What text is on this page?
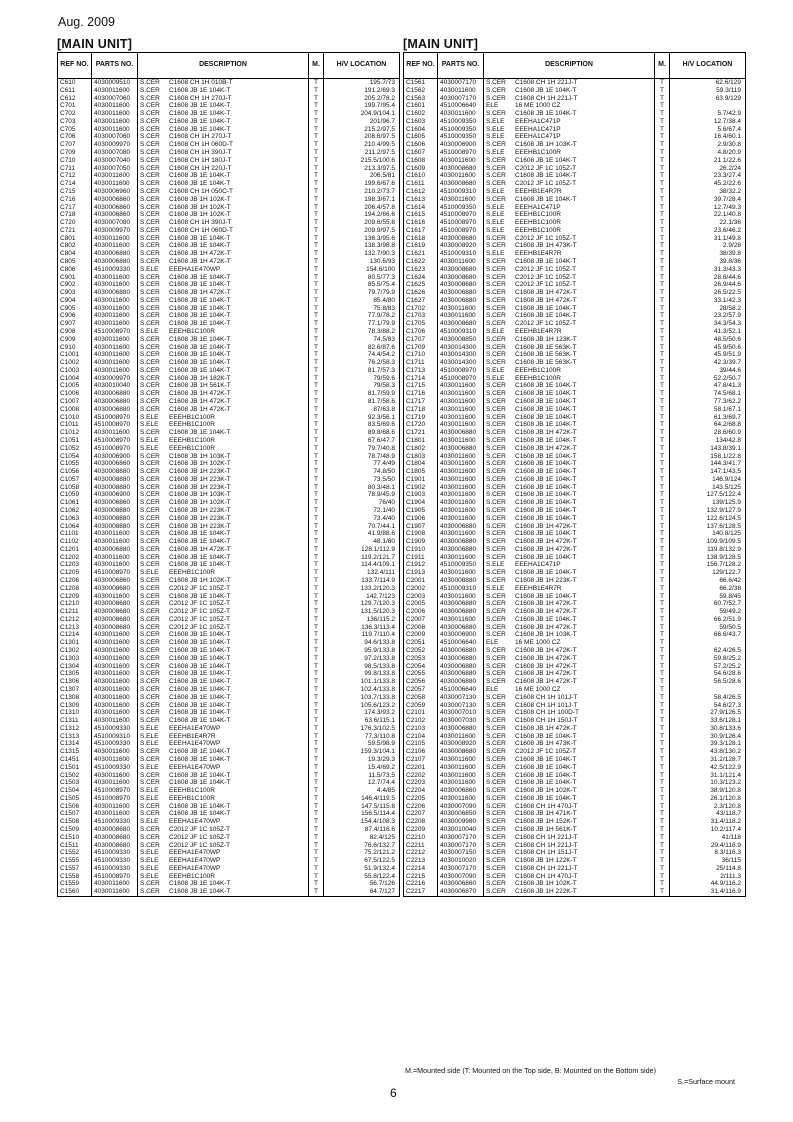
Aug. 2009
[MAIN UNIT]
REF NO.	PARTS NO.	DESCRIPTION	M.	H/V LOCATION
C610	4030009510	S.CER C1608 CH 1H 010B-T	T	195.7/73
C611	4030011600	S.CER C1608 JB 1E 104K-T	T	191.2/69.3
C612	4030007060	S.CER C1608 CH 1H 270J-T	T	205.2/78.2
C701	4030011600	S.CER C1608 JB 1E 104K-T	T	199.7/95.4
C702	4030011600	S.CER C1608 JB 1E 104K-T	T	204.9/104.1
C703	4030011600	S.CER C1608 JB 1E 104K-T	T	201/96.7
C705	4030011600	S.CER C1608 JB 1E 104K-T	T	215.2/97.5
C706	4030007060	S.CER C1608 CH 1H 270J-T	T	208.6/97.5
C707	4030009970	S.CER C1608 CH 1H 060D-T	T	210.4/99.5
C709	4030007080	S.CER C1608 CH 1H 390J-T	T	211.2/97.5
C710	4030007040	S.CER C1608 CH 1H 180J-T	T	215.5/100.6
C711	4030007050	S.CER C1608 CH 1H 220J-T	T	213.3/97.5
C712	4030011600	S.CER C1608 JB 1E 104K-T	T	206.5/81
C714	4030011600	S.CER C1608 JB 1E 104K-T	T	199.6/67.6
C715	4030006960	S.CER C1608 CH 1H 050C-T	T	210.2/73.7
C716	4030006860	S.CER C1608 JB 1H 102K-T	T	198.3/67.1
C717	4030006860	S.CER C1608 JB 1H 102K-T	T	206.4/57.8
C718	4030006860	S.CER C1608 JB 1H 102K-T	T	194.2/66.6
C720	4030007080	S.CER C1608 CH 1H 390J-T	T	209.6/55.8
C721	4030009970	S.CER C1608 CH 1H 060D-T	T	209.9/97.5
C801	4030011600	S.CER C1608 JB 1E 104K-T	T	136.3/95.6
C802	4030011600	S.CER C1608 JB 1E 104K-T	T	138.3/98.8
C804	4030006880	S.CER C1608 JB 1H 472K-T	T	132.7/90.3
C805	4030006880	S.CER C1608 JB 1H 472K-T	T	130.6/93
C806	4510009330	S.ELE EEEHA1E470WP	T	154.6/100
C901	4030011600	S.CER C1608 JB 1E 104K-T	T	80.5/77.3
C902	4030011600	S.CER C1608 JB 1E 104K-T	T	85.5/75.4
C903	4030006880	S.CER C1608 JB 1H 472K-T	T	79.7/79.9
C904	4030011600	S.CER C1608 JB 1E 104K-T	T	85.4/80
C905	4030011600	S.CER C1608 JB 1E 104K-T	T	75.8/83
C906	4030011600	S.CER C1608 JB 1E 104K-T	T	77.9/78.2
C907	4030011600	S.CER C1608 JB 1E 104K-T	T	77.1/79.9
C908	4510008970	S.ELE EEEHB1C100R	T	78.3/88.2
C909	4030011600	S.CER C1608 JB 1E 104K-T	T	74.5/83
C910	4030011600	S.CER C1608 JB 1E 104K-T	T	82.6/87.6
C1001	4030011600	S.CER C1608 JB 1E 104K-T	T	74.4/54.2
C1002	4030011600	S.CER C1608 JB 1E 104K-T	T	76.2/58.3
C1003	4030011600	S.CER C1608 JB 1E 104K-T	T	81.7/57.3
C1004	4030009970	S.CER C1608 JB 1H 182K-T	T	79/59.6
C1005	4030010040	S.CER C1608 JB 1H 561K-T	T	79/58.3
C1006	4030006880	S.CER C1608 JB 1H 472K-T	T	81.7/59.9
C1007	4030006880	S.CER C1608 JB 1H 472K-T	T	81.7/58.6
C1008	4030006880	S.CER C1608 JB 1H 472K-T	T	87/63.8
C1010	4510008970	S.ELE EEEHB1C100R	T	92.3/56.1
C1011	4510008970	S.ELE EEEHB1C100R	T	83.5/69.6
C1012	4030011600	S.CER C1608 JB 1E 104K-T	T	89.8/68.6
C1051	4510008970	S.ELE EEEHB1C100R	T	67.6/47.7
C1052	4510008970	S.ELE EEEHB1C100R	T	79.7/40.8
C1054	4030006900	S.CER C1608 JB 1H 103K-T	T	78.7/48.9
C1055	4030006860	S.CER C1608 JB 1H 102K-T	T	77.4/49
C1056	4030008880	S.CER C1608 JB 1H 223K-T	T	74.8/50
C1057	4030008880	S.CER C1608 JB 1H 223K-T	T	73.5/50
C1058	4030008880	S.CER C1608 JB 1H 223K-T	T	80.3/48.1
C1059	4030006900	S.CER C1608 JB 1H 103K-T	T	78.9/45.9
C1061	4030006860	S.CER C1608 JB 1H 102K-T	T	76/40
C1062	4030008880	S.CER C1608 JB 1H 223K-T	T	72.1/40
C1063	4030008880	S.CER C1608 JB 1H 223K-T	T	73.4/40
C1064	4030008880	S.CER C1608 JB 1H 223K-T	T	70.7/44.1
C1101	4030011600	S.CER C1608 JB 1E 104K-T	T	41.9/88.6
C1102	4030011600	S.CER C1608 JB 1E 104K-T	T	48.1/80
C1201	4030006880	S.CER C1608 JB 1H 472K-T	T	128.1/112.9
C1202	4030011600	S.CER C1608 JB 1E 104K-T	T	119.2/121.7
C1203	4030011600	S.CER C1608 JB 1E 104K-T	T	114.4/109.1
C1205	4510008970	S.ELE EEEHB1C100R	T	132.4/111
C1206	4030006860	S.CER C1608 JB 1H 102K-T	T	133.7/114.9
C1208	4030008680	S.CER C2012 JF 1C 105Z-T	T	133.2/120.3
C1209	4030011600	S.CER C1608 JB 1E 104K-T	T	142.7/123
C1210	4030008680	S.CER C2012 JF 1C 105Z-T	T	129.7/120.3
C1211	4030008680	S.CER C2012 JF 1C 105Z-T	T	131.5/120.3
C1212	4030008680	S.CER C2012 JF 1C 105Z-T	T	136/115.2
C1213	4030008680	S.CER C2012 JF 1C 105Z-T	T	136.3/113.4
C1214	4030011600	S.CER C1608 JB 1E 104K-T	T	119.7/110.4
C1301	4030011600	S.CER C1608 JB 1E 104K-T	T	94.6/133.8
C1302	4030011600	S.CER C1608 JB 1E 104K-T	T	95.9/133.8
C1303	4030011600	S.CER C1608 JB 1E 104K-T	T	97.2/133.8
C1304	4030011600	S.CER C1608 JB 1E 104K-T	T	98.5/133.8
C1305	4030011600	S.CER C1608 JB 1E 104K-T	T	99.8/133.8
C1306	4030011600	S.CER C1608 JB 1E 104K-T	T	101.1/133.8
C1307	4030011600	S.CER C1608 JB 1E 104K-T	T	102.4/133.8
C1308	4030011600	S.CER C1608 JB 1E 104K-T	T	103.7/133.8
C1309	4030011600	S.CER C1608 JB 1E 104K-T	T	105.6/123.2
C1310	4030011600	S.CER C1608 JB 1E 104K-T	T	174.3/93.2
C1311	4030011600	S.CER C1608 JB 1E 104K-T	T	63.6/115.1
C1312	4510009330	S.ELE EEEHA1E470WP	T	176.3/102.5
C1313	4510009310	S.ELE EEEHB1E4R7R	T	77.3/110.8
C1314	4510009330	S.ELE EEEHA1E470WP	T	59.5/98.9
C1315	4030011600	S.CER C1608 JB 1E 104K-T	T	159.3/104.1
C1451	4030011600	S.CER C1608 JB 1E 104K-T	T	19.3/29.3
C1501	4510009330	S.ELE EEEHA1E470WP	T	15.4/69.2
C1502	4030011600	S.CER C1608 JB 1E 104K-T	T	11.5/73.5
C1503	4030011600	S.CER C1608 JB 1E 104K-T	T	12.7/74.4
C1504	4510008970	S.ELE EEEHB1C100R	T	4.4/85
C1505	4510008970	S.ELE EEEHB1C100R	T	146.4/119.5
C1506	4030011600	S.CER C1608 JB 1E 104K-T	T	147.5/115.8
C1507	4030011600	S.CER C1608 JB 1E 104K-T	T	156.5/114.4
C1508	4510009330	S.ELE EEEHA1E470WP	T	154.4/108.3
C1509	4030008680	S.CER C2012 JF 1C 105Z-T	T	87.4/116.6
C1510	4030008680	S.CER C2012 JF 1C 105Z-T	T	82.4/125
C1511	4030008680	S.CER C2012 JF 1C 105Z-T	T	76.6/132.7
C1552	4510009330	S.ELE EEEHA1E470WP	T	75.2/121.2
C1555	4510009330	S.ELE EEEHA1E470WP	T	67.5/122.5
C1557	4510009330	S.ELE EEEHA1E470WP	T	51.9/132.4
C1558	4510008970	S.ELE EEEHB1C100R	T	55.8/122.4
C1559	4030011600	S.CER C1608 JB 1E 104K-T	T	56.7/126
C1560	4030011600	S.CER C1608 JB 1E 104K-T	T	64.7/127
[MAIN UNIT]
REF NO.	PARTS NO.	DESCRIPTION	M.	H/V LOCATION
C1561	4030007170	S.CER C1608 CH 1H 221J-T	T	62.6/129
C1562	4030011600	S.CER C1608 JB 1E 104K-T	T	59.3/119
C1563	4030007170	S.CER C1608 CH 1H 221J-T	T	63.9/129
C1601	4510006640	ELE 16 ME 1000 CZ	T	
C1602	4030011600	S.CER C1608 JB 1E 104K-T	T	5.7/42.9
C1603	4510009350	S.ELE EEEHA1C471P	T	12.7/38.4
C1604	4510009350	S.ELE EEEHA1C471P	T	5.6/67.4
C1605	4510009350	S.ELE EEEHA1C471P	T	16.4/60.1
C1606	4030006900	S.CER C1608 JB 1H 103K-T	T	2.9/30.8
C1607	4510008970	S.ELE EEEHB1C100R	T	4.8/20.9
C1608	4030011600	S.CER C1608 JB 1E 104K-T	T	21.1/22.6
C1609	4030008680	S.CER C2012 JF 1C 105Z-T	T	26.2/24
C1610	4030011600	S.CER C1608 JB 1E 104K-T	T	23.3/27.4
C1611	4030008680	S.CER C2012 JF 1C 105Z-T	T	45.2/22.6
C1612	4510009310	S.ELE EEEHB1E4R7R	T	38/32.2
C1613	4030011600	S.CER C1608 JB 1E 104K-T	T	39.7/28.4
C1614	4510009350	S.ELE EEEHA1C471P	T	12.7/49.3
C1615	4510008970	S.ELE EEEHB1C100R	T	22.1/40.8
C1616	4510008970	S.ELE EEEHB1C100R	T	22.1/36
C1617	4510008970	S.ELE EEEHB1C100R	T	23.6/46.2
C1618	4030008680	S.CER C2012 JF 1C 105Z-T	T	31.1/49.8
C1619	4030008920	S.CER C1608 JB 1H 473K-T	T	2.9/28
C1621	4510009310	S.ELE EEEHB1E4R7R	T	38/39.8
C1622	4030011600	S.CER C1608 JB 1E 104K-T	T	39.8/36
C1623	4030008680	S.CER C2012 JF 1C 105Z-T	T	31.3/43.3
C1624	4030008680	S.CER C2012 JF 1C 105Z-T	T	28.6/44.6
C1625	4030008680	S.CER C2012 JF 1C 105Z-T	T	26.9/44.6
C1626	4030006880	S.CER C1608 JB 1H 472K-T	T	26.5/22.5
C1627	4030006880	S.CER C1608 JB 1H 472K-T	T	33.1/42.3
C1702	4030011600	S.CER C1608 JB 1E 104K-T	T	28/58.2
C1703	4030011600	S.CER C1608 JB 1E 104K-T	T	23.2/57.9
C1705	4030008680	S.CER C2012 JF 1C 105Z-T	T	34.3/54.3
C1706	4510009310	S.ELE EEEHB1E4R7R	T	41.3/52.1
C1707	4030008850	S.CER C1608 JB 1H 123K-T	T	48.5/50.6
C1709	4030014300	S.CER C1608 JB 1E 563K-T	T	45.9/50.6
C1710	4030014300	S.CER C1608 JB 1E 563K-T	T	45.9/51.9
C1711	4030014300	S.CER C1608 JB 1E 563K-T	T	42.3/39.7
C1713	4510008970	S.ELE EEEHB1C100R	T	39/44.6
C1714	4510008970	S.ELE EEEHB1C100R	T	52.2/50.7
C1715	4030011600	S.CER C1608 JB 1E 104K-T	T	47.8/41.3
C1716	4030011600	S.CER C1608 JB 1E 104K-T	T	74.5/68.1
C1717	4030011600	S.CER C1608 JB 1E 104K-T	T	77.3/62.2
C1718	4030011600	S.CER C1608 JB 1E 104K-T	T	58.1/67.1
C1719	4030011600	S.CER C1608 JB 1E 104K-T	T	61.3/69.7
C1720	4030011600	S.CER C1608 JB 1E 104K-T	T	64.2/68.8
C1721	4030006880	S.CER C1608 JB 1H 472K-T	T	28.6/60.9
C1801	4030011600	S.CER C1608 JB 1E 104K-T	T	134/42.8
C1802	4030006880	S.CER C1608 JB 1H 472K-T	T	143.8/39.1
C1803	4030011600	S.CER C1608 JB 1E 104K-T	T	158.1/22.8
C1804	4030011600	S.CER C1608 JB 1E 104K-T	T	144.3/41.7
C1805	4030011600	S.CER C1608 JB 1E 104K-T	T	147.1/43.5
C1901	4030011600	S.CER C1608 JB 1E 104K-T	T	146.9/124
C1902	4030011600	S.CER C1608 JB 1E 104K-T	T	143.5/125
C1903	4030011600	S.CER C1608 JB 1E 104K-T	T	127.5/122.4
C1904	4030011600	S.CER C1608 JB 1E 104K-T	T	139/125.9
C1905	4030011600	S.CER C1608 JB 1E 104K-T	T	132.9/127.9
C1906	4030011600	S.CER C1608 JB 1E 104K-T	T	122.6/124.5
C1907	4030006880	S.CER C1608 JB 1H 472K-T	T	137.6/128.5
C1908	4030011600	S.CER C1608 JB 1E 104K-T	T	140.8/125
C1909	4030006880	S.CER C1608 JB 1H 472K-T	T	109.9/109.5
C1910	4030006880	S.CER C1608 JB 1H 472K-T	T	119.8/132.9
C1911	4030011600	S.CER C1608 JB 1E 104K-T	T	138.9/128.5
C1912	4510009350	S.ELE EEEHA1C471P	T	156.7/128.2
C1913	4030011600	S.CER C1608 JB 1E 104K-T	T	129/122.7
C2001	4030008880	S.CER C1608 JB 1H 223K-T	T	66.6/42
C2002	4510009310	S.ELE EEEHB1E4R7R	T	66.2/38
C2003	4030011600	S.CER C1608 JB 1E 104K-T	T	59.8/45
C2005	4030006880	S.CER C1608 JB 1H 472K-T	T	60.7/52.7
C2006	4030006880	S.CER C1608 JB 1H 472K-T	T	59/49.2
C2007	4030011600	S.CER C1608 JB 1E 104K-T	T	66.2/51.9
C2008	4030006880	S.CER C1608 JB 1H 472K-T	T	59/50.5
C2009	4030006900	S.CER C1608 JB 1H 103K-T	T	66.6/43.7
C2051	4510006640	ELE 16 ME 1000 CZ	T	
C2052	4030006880	S.CER C1608 JB 1H 472K-T	T	62.4/26.5
C2053	4030006880	S.CER C1608 JB 1H 472K-T	T	59.8/25.2
C2054	4030006880	S.CER C1608 JB 1H 472K-T	T	57.2/25.2
C2055	4030006880	S.CER C1608 JB 1H 472K-T	T	54.6/28.6
C2056	4030006880	S.CER C1608 JB 1H 472K-T	T	56.5/28.6
C2057	4510006640	ELE 16 ME 1000 CZ	T	
C2058	4030007130	S.CER C1608 CH 1H 101J-T	T	58.4/26.5
C2059	4030007130	S.CER C1608 CH 1H 101J-T	T	54.6/27.3
C2101	4030007010	S.CER C1608 CH 1H 100D-T	T	27.9/126.5
C2102	4030007030	S.CER C1608 CH 1H 150J-T	T	33.6/128.1
C2103	4030006880	S.CER C1608 JB 1H 472K-T	T	30.8/133.6
C2104	4030011600	S.CER C1608 JB 1E 104K-T	T	30.9/126.4
C2105	4030008920	S.CER C1608 JB 1H 473K-T	T	39.3/128.1
C2106	4030008680	S.CER C2012 JF 1C 105Z-T	T	43.8/130.2
C2107	4030011600	S.CER C1608 JB 1E 104K-T	T	31.2/128.7
C2201	4030011600	S.CER C1608 JB 1E 104K-T	T	42.5/122.9
C2202	4030011600	S.CER C1608 JB 1E 104K-T	T	31.1/121.4
C2203	4030011600	S.CER C1608 JB 1E 104K-T	T	10.3/123.2
C2204	4030006860	S.CER C1608 JB 1H 102K-T	T	38.9/120.8
C2205	4030011600	S.CER C1608 JB 1E 104K-T	T	26.1/120.8
C2206	4030007090	S.CER C1608 CH 1H 470J-T	T	2.3/120.8
C2207	4030006850	S.CER C1608 JB 1H 471K-T	T	43/118.7
C2208	4030009980	S.CER C1608 JB 1H 152K-T	T	31.4/118.2
C2209	4030010040	S.CER C1608 JB 1H 561K-T	T	10.2/117.4
C2210	4030007170	S.CER C1608 CH 1H 221J-T	T	41/118
C2211	4030007170	S.CER C1608 CH 1H 221J-T	T	29.4/116.9
C2212	4030007150	S.CER C1608 CH 1H 151J-T	T	8.3/116.3
C2213	4030010020	S.CER C1608 JB 1H 122K-T	T	36/115
C2214	4030007170	S.CER C1608 CH 1H 221J-T	T	25/114.8
C2215	4030007090	S.CER C1608 CH 1H 470J-T	T	2/111.3
C2216	4030006860	S.CER C1608 JB 1H 102K-T	T	44.9/116.2
C2217	4030006870	S.CER C1608 JB 1H 222K-T	T	31.4/116.9
M.=Mounted side (T: Mounted on the Top side, B: Mounted on the Bottom side)
S.=Surface mount
6
